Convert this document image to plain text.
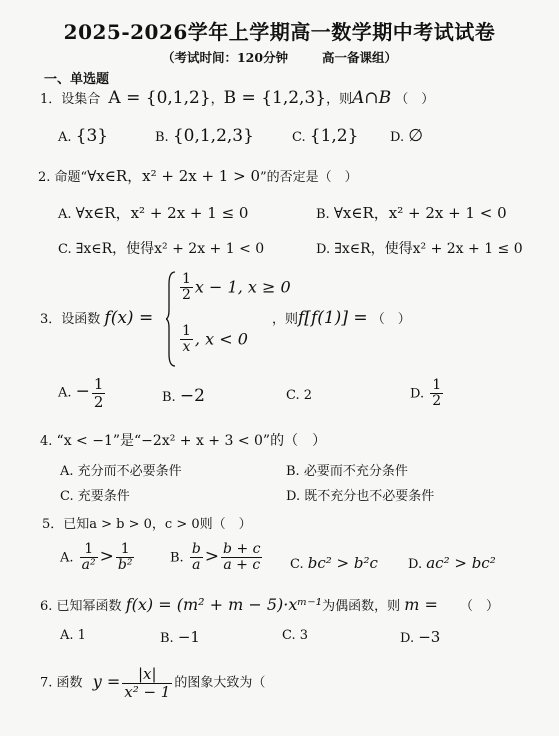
2025-2026学年上学期高一数学期中考试试卷
（考试时间：120分钟	高一备课组）
一、单选题
1．设集合 A = {0,1,2}，B = {1,2,3}，则A∩B （　）
A. {3}	B. {0,1,2,3}	C. {1,2} D. ∅
2. 命题“∀x∈R，x² + 2x + 1 > 0”的否定是（　）
A. ∀x∈R，x² + 2x + 1 ≤ 0	B. ∀x∈R，x² + 2x + 1 < 0
C. ∃x∈R，使得x² + 2x + 1 < 0	D. ∃x∈R，使得x² + 2x + 1 ≤ 0
3．设函数 f(x) =
$\frac{1}{2}$ x − 1, x ≥ 0
$\frac{1}{x}$ , x < 0
，则f[f(1)] = （　）
A. − $\frac{1}{2}$	B. −2	C. 2	D. $\frac{1}{2}$
4. “x < −1”是“−2x² + x + 3 < 0”的（　）
A. 充分而不必要条件	B. 必要而不充分条件
C. 充要条件	D. 既不充分也不必要条件
5．已知a > b > 0，c > 0则（　）
A. $\frac{1}{\text{a²}} > \frac{1}{\text{b²}}$	B. $\frac{b}{a} > \frac{b + c}{a + c} C$. bc² > b²c D. ac² > bc²
6. 已知幂函数 f(x) = (m² + m − 5)·xᵐ⁻¹为偶函数，则 m = （　）
A. 1	B. −1	C. 3	D. −3
7. 函数 $y = \frac{|x|}{\text{x² − 1}}$ 的图象大致为（
